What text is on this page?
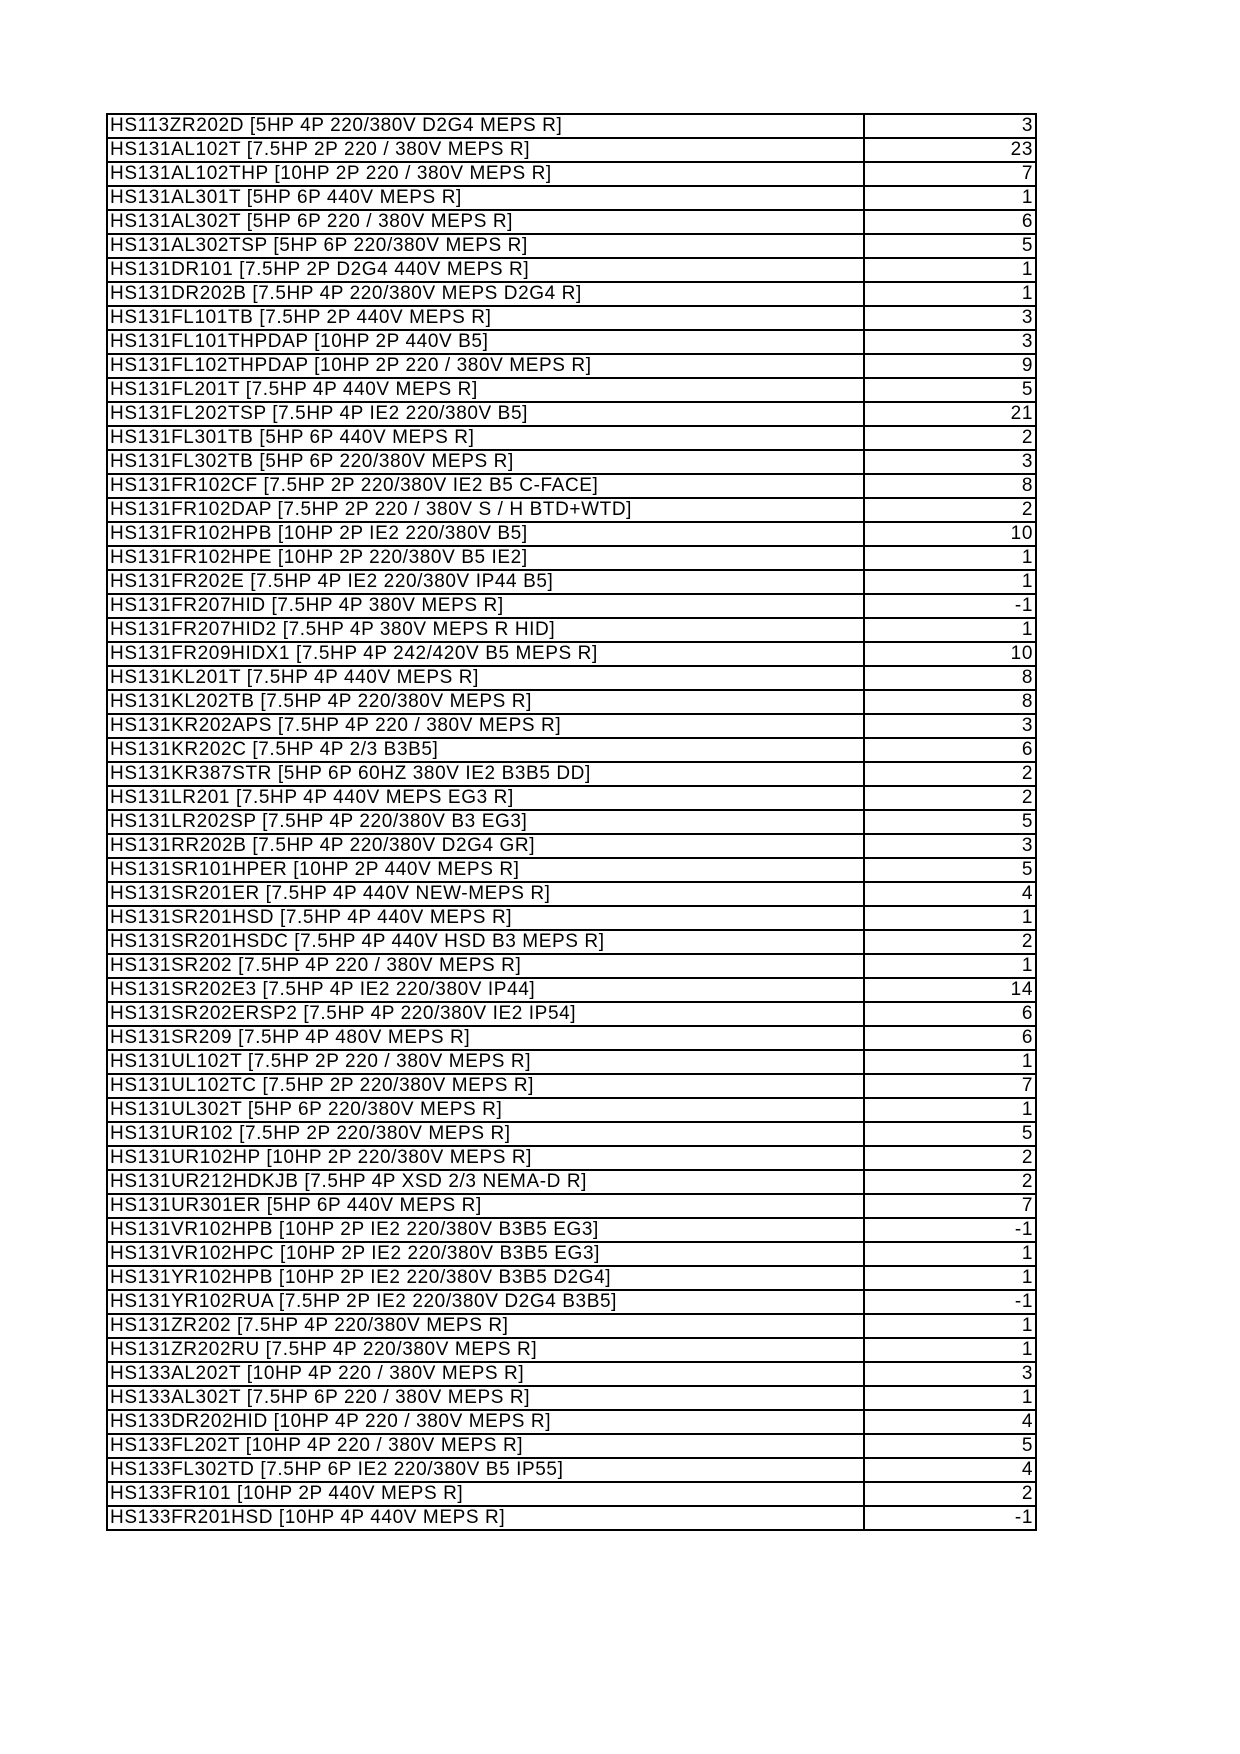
HS113ZR202D [5HP 4P 220/380V D2G4 MEPS R]	3
HS131AL102T [7.5HP 2P 220 / 380V MEPS R]	23
HS131AL102THP [10HP 2P 220 / 380V MEPS R]	7
HS131AL301T [5HP 6P 440V MEPS R]	1
HS131AL302T [5HP 6P 220 / 380V MEPS R]	6
HS131AL302TSP [5HP 6P 220/380V MEPS R]	5
HS131DR101 [7.5HP 2P D2G4 440V MEPS R]	1
HS131DR202B [7.5HP 4P 220/380V MEPS D2G4 R]	1
HS131FL101TB [7.5HP 2P 440V MEPS R]	3
HS131FL101THPDAP [10HP 2P 440V B5]	3
HS131FL102THPDAP [10HP 2P 220 / 380V MEPS R]	9
HS131FL201T [7.5HP 4P 440V MEPS R]	5
HS131FL202TSP [7.5HP 4P IE2 220/380V B5]	21
HS131FL301TB [5HP 6P 440V MEPS R]	2
HS131FL302TB [5HP 6P 220/380V MEPS R]	3
HS131FR102CF [7.5HP 2P 220/380V IE2 B5 C-FACE]	8
HS131FR102DAP [7.5HP 2P 220 / 380V S / H BTD+WTD]	2
HS131FR102HPB [10HP 2P IE2 220/380V B5]	10
HS131FR102HPE [10HP 2P 220/380V B5 IE2]	1
HS131FR202E [7.5HP 4P IE2 220/380V IP44 B5]	1
HS131FR207HID [7.5HP 4P 380V MEPS R]	-1
HS131FR207HID2 [7.5HP 4P 380V MEPS R HID]	1
HS131FR209HIDX1 [7.5HP 4P 242/420V B5 MEPS R]	10
HS131KL201T [7.5HP 4P 440V MEPS R]	8
HS131KL202TB [7.5HP 4P 220/380V MEPS R]	8
HS131KR202APS [7.5HP 4P 220 / 380V MEPS R]	3
HS131KR202C [7.5HP 4P 2/3 B3B5]	6
HS131KR387STR [5HP 6P 60HZ 380V IE2 B3B5 DD]	2
HS131LR201 [7.5HP 4P 440V MEPS EG3 R]	2
HS131LR202SP [7.5HP 4P 220/380V B3 EG3]	5
HS131RR202B [7.5HP 4P 220/380V D2G4 GR]	3
HS131SR101HPER [10HP 2P 440V MEPS R]	5
HS131SR201ER [7.5HP 4P 440V NEW-MEPS R]	4
HS131SR201HSD [7.5HP 4P 440V MEPS R]	1
HS131SR201HSDC [7.5HP 4P 440V HSD B3 MEPS R]	2
HS131SR202 [7.5HP 4P 220 / 380V MEPS R]	1
HS131SR202E3 [7.5HP 4P IE2 220/380V IP44]	14
HS131SR202ERSP2 [7.5HP 4P 220/380V IE2 IP54]	6
HS131SR209 [7.5HP 4P 480V MEPS R]	6
HS131UL102T [7.5HP 2P 220 / 380V MEPS R]	1
HS131UL102TC [7.5HP 2P 220/380V MEPS R]	7
HS131UL302T [5HP 6P 220/380V MEPS R]	1
HS131UR102 [7.5HP 2P 220/380V MEPS R]	5
HS131UR102HP [10HP 2P 220/380V MEPS R]	2
HS131UR212HDKJB [7.5HP 4P XSD 2/3 NEMA-D R]	2
HS131UR301ER [5HP 6P 440V MEPS R]	7
HS131VR102HPB [10HP 2P IE2 220/380V B3B5 EG3]	-1
HS131VR102HPC [10HP 2P IE2 220/380V B3B5 EG3]	1
HS131YR102HPB [10HP 2P IE2 220/380V B3B5 D2G4]	1
HS131YR102RUA [7.5HP 2P IE2 220/380V D2G4 B3B5]	-1
HS131ZR202 [7.5HP 4P 220/380V MEPS R]	1
HS131ZR202RU [7.5HP 4P 220/380V MEPS R]	1
HS133AL202T [10HP 4P 220 / 380V MEPS R]	3
HS133AL302T [7.5HP 6P 220 / 380V MEPS R]	1
HS133DR202HID [10HP 4P 220 / 380V MEPS R]	4
HS133FL202T [10HP 4P 220 / 380V MEPS R]	5
HS133FL302TD [7.5HP 6P IE2 220/380V B5 IP55]	4
HS133FR101 [10HP 2P 440V MEPS R]	2
HS133FR201HSD [10HP 4P 440V MEPS R]	-1
